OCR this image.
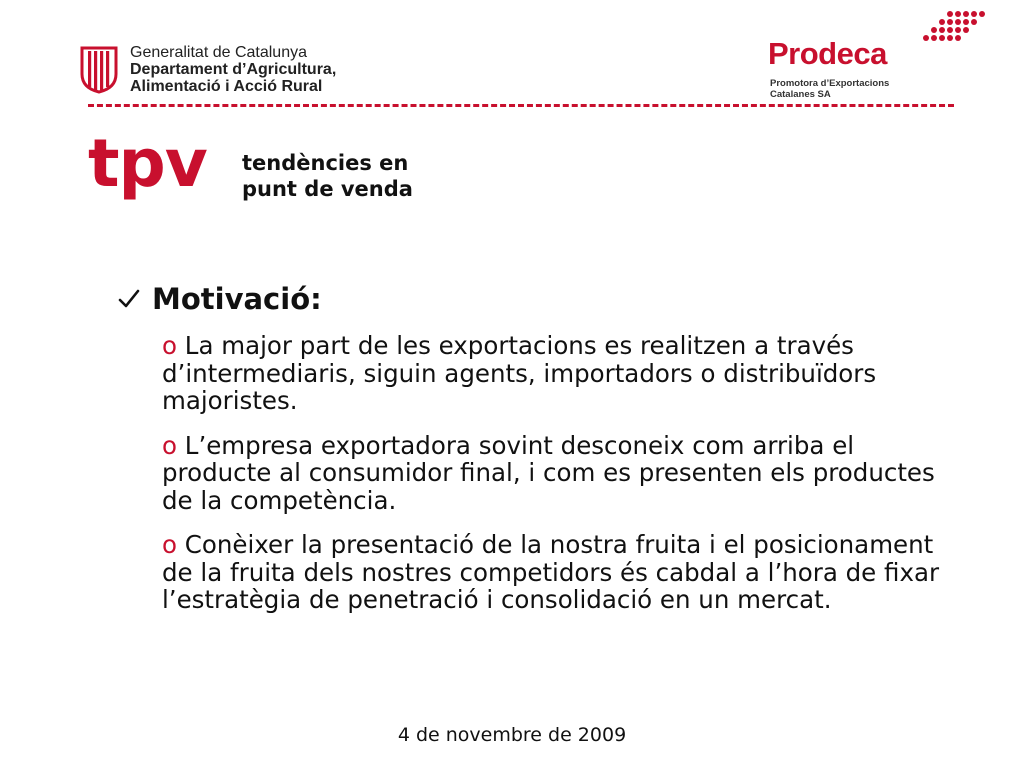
Generalitat de Catalunya
Departament d’Agricultura,
Alimentació i Acció Rural
Prodeca
Promotora d’Exportacions
Catalanes SA
tpv tendències en
punt de venda
Motivació:
o La major part de les exportacions es realitzen a través d’intermediaris, siguin agents, importadors o distribuïdors majoristes.
o L’empresa exportadora sovint desconeix com arriba el producte al consumidor final, i com es presenten els productes de la competència.
o Conèixer la presentació de la nostra fruita i el posicionament de la fruita dels nostres competidors és cabdal a l’hora de fixar l’estratègia de penetració i consolidació en un mercat.
4 de novembre de 2009
